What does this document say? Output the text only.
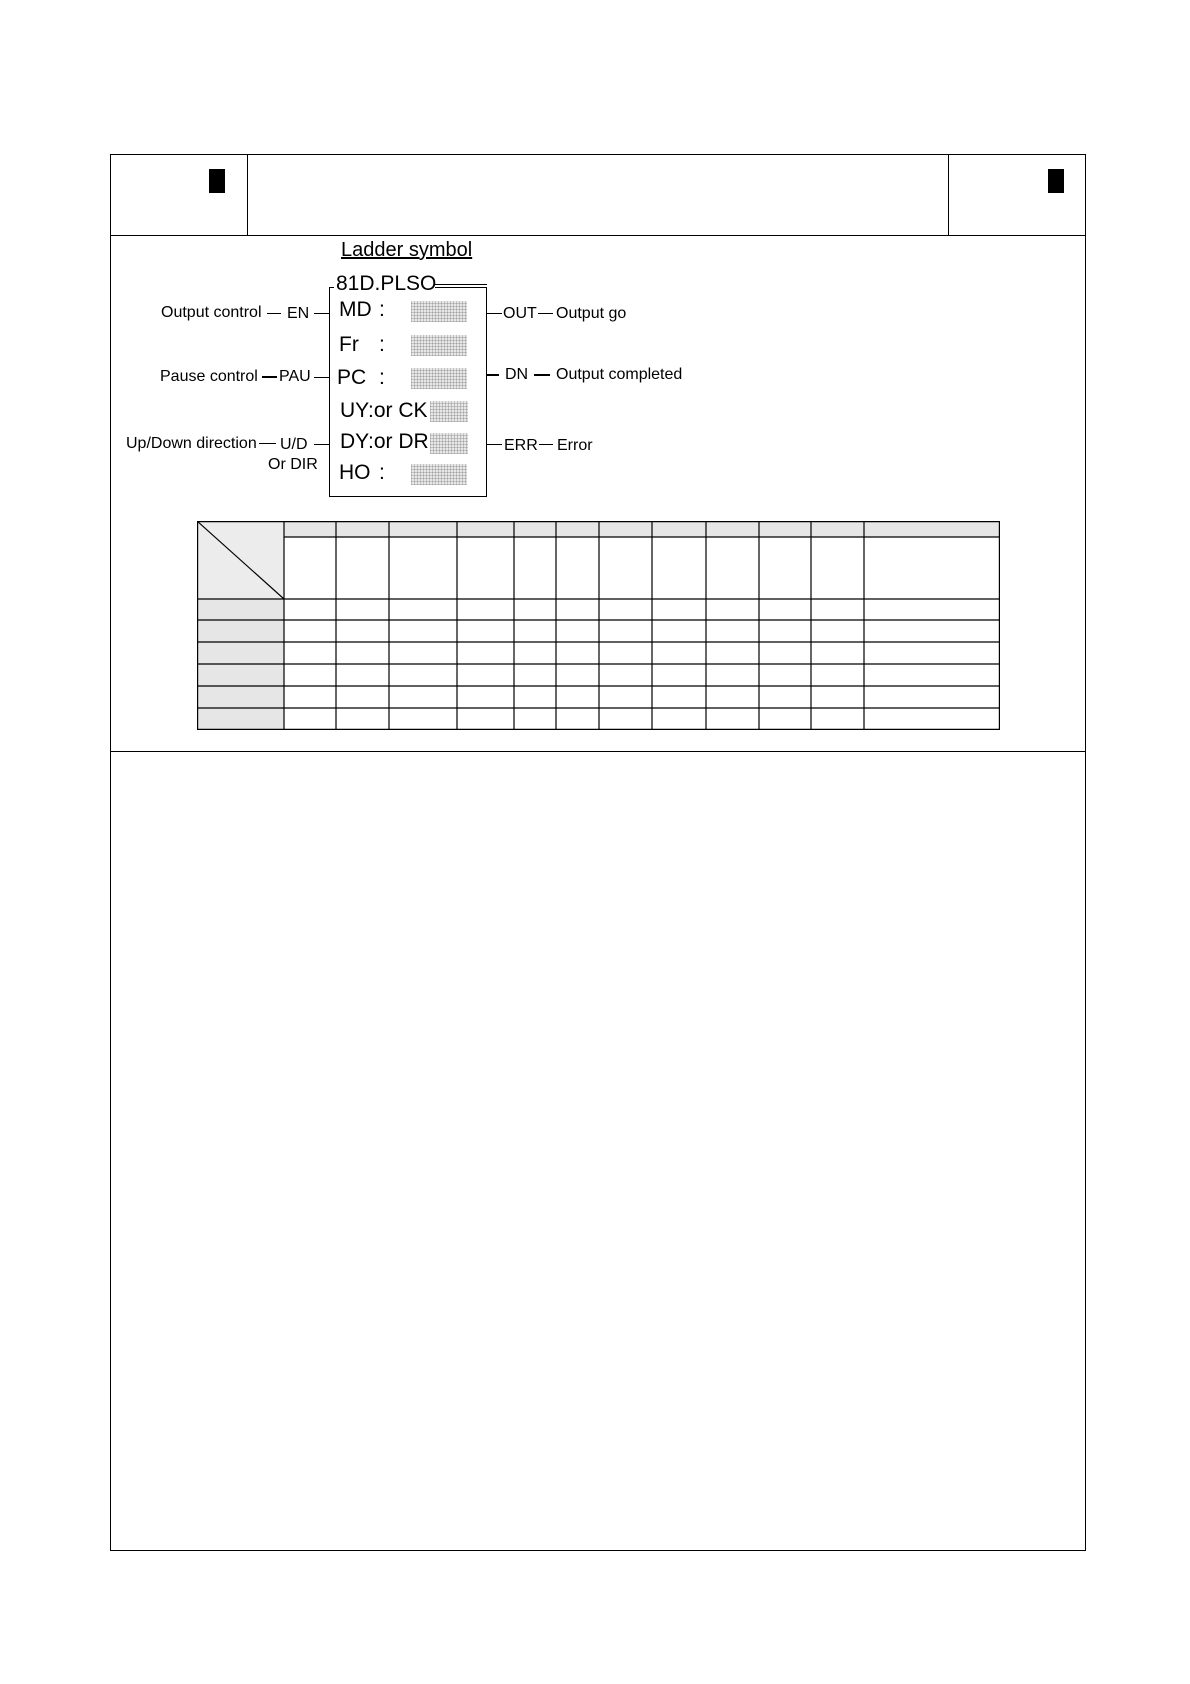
Ladder symbol
81D.PLSO
MD :
Fr :
PC :
UY:or CK
DY:or DR
HO :
Output control EN
Pause control PAU
Up/Down direction U/D
Or DIR
OUT Output go
DN Output completed
ERR Error
